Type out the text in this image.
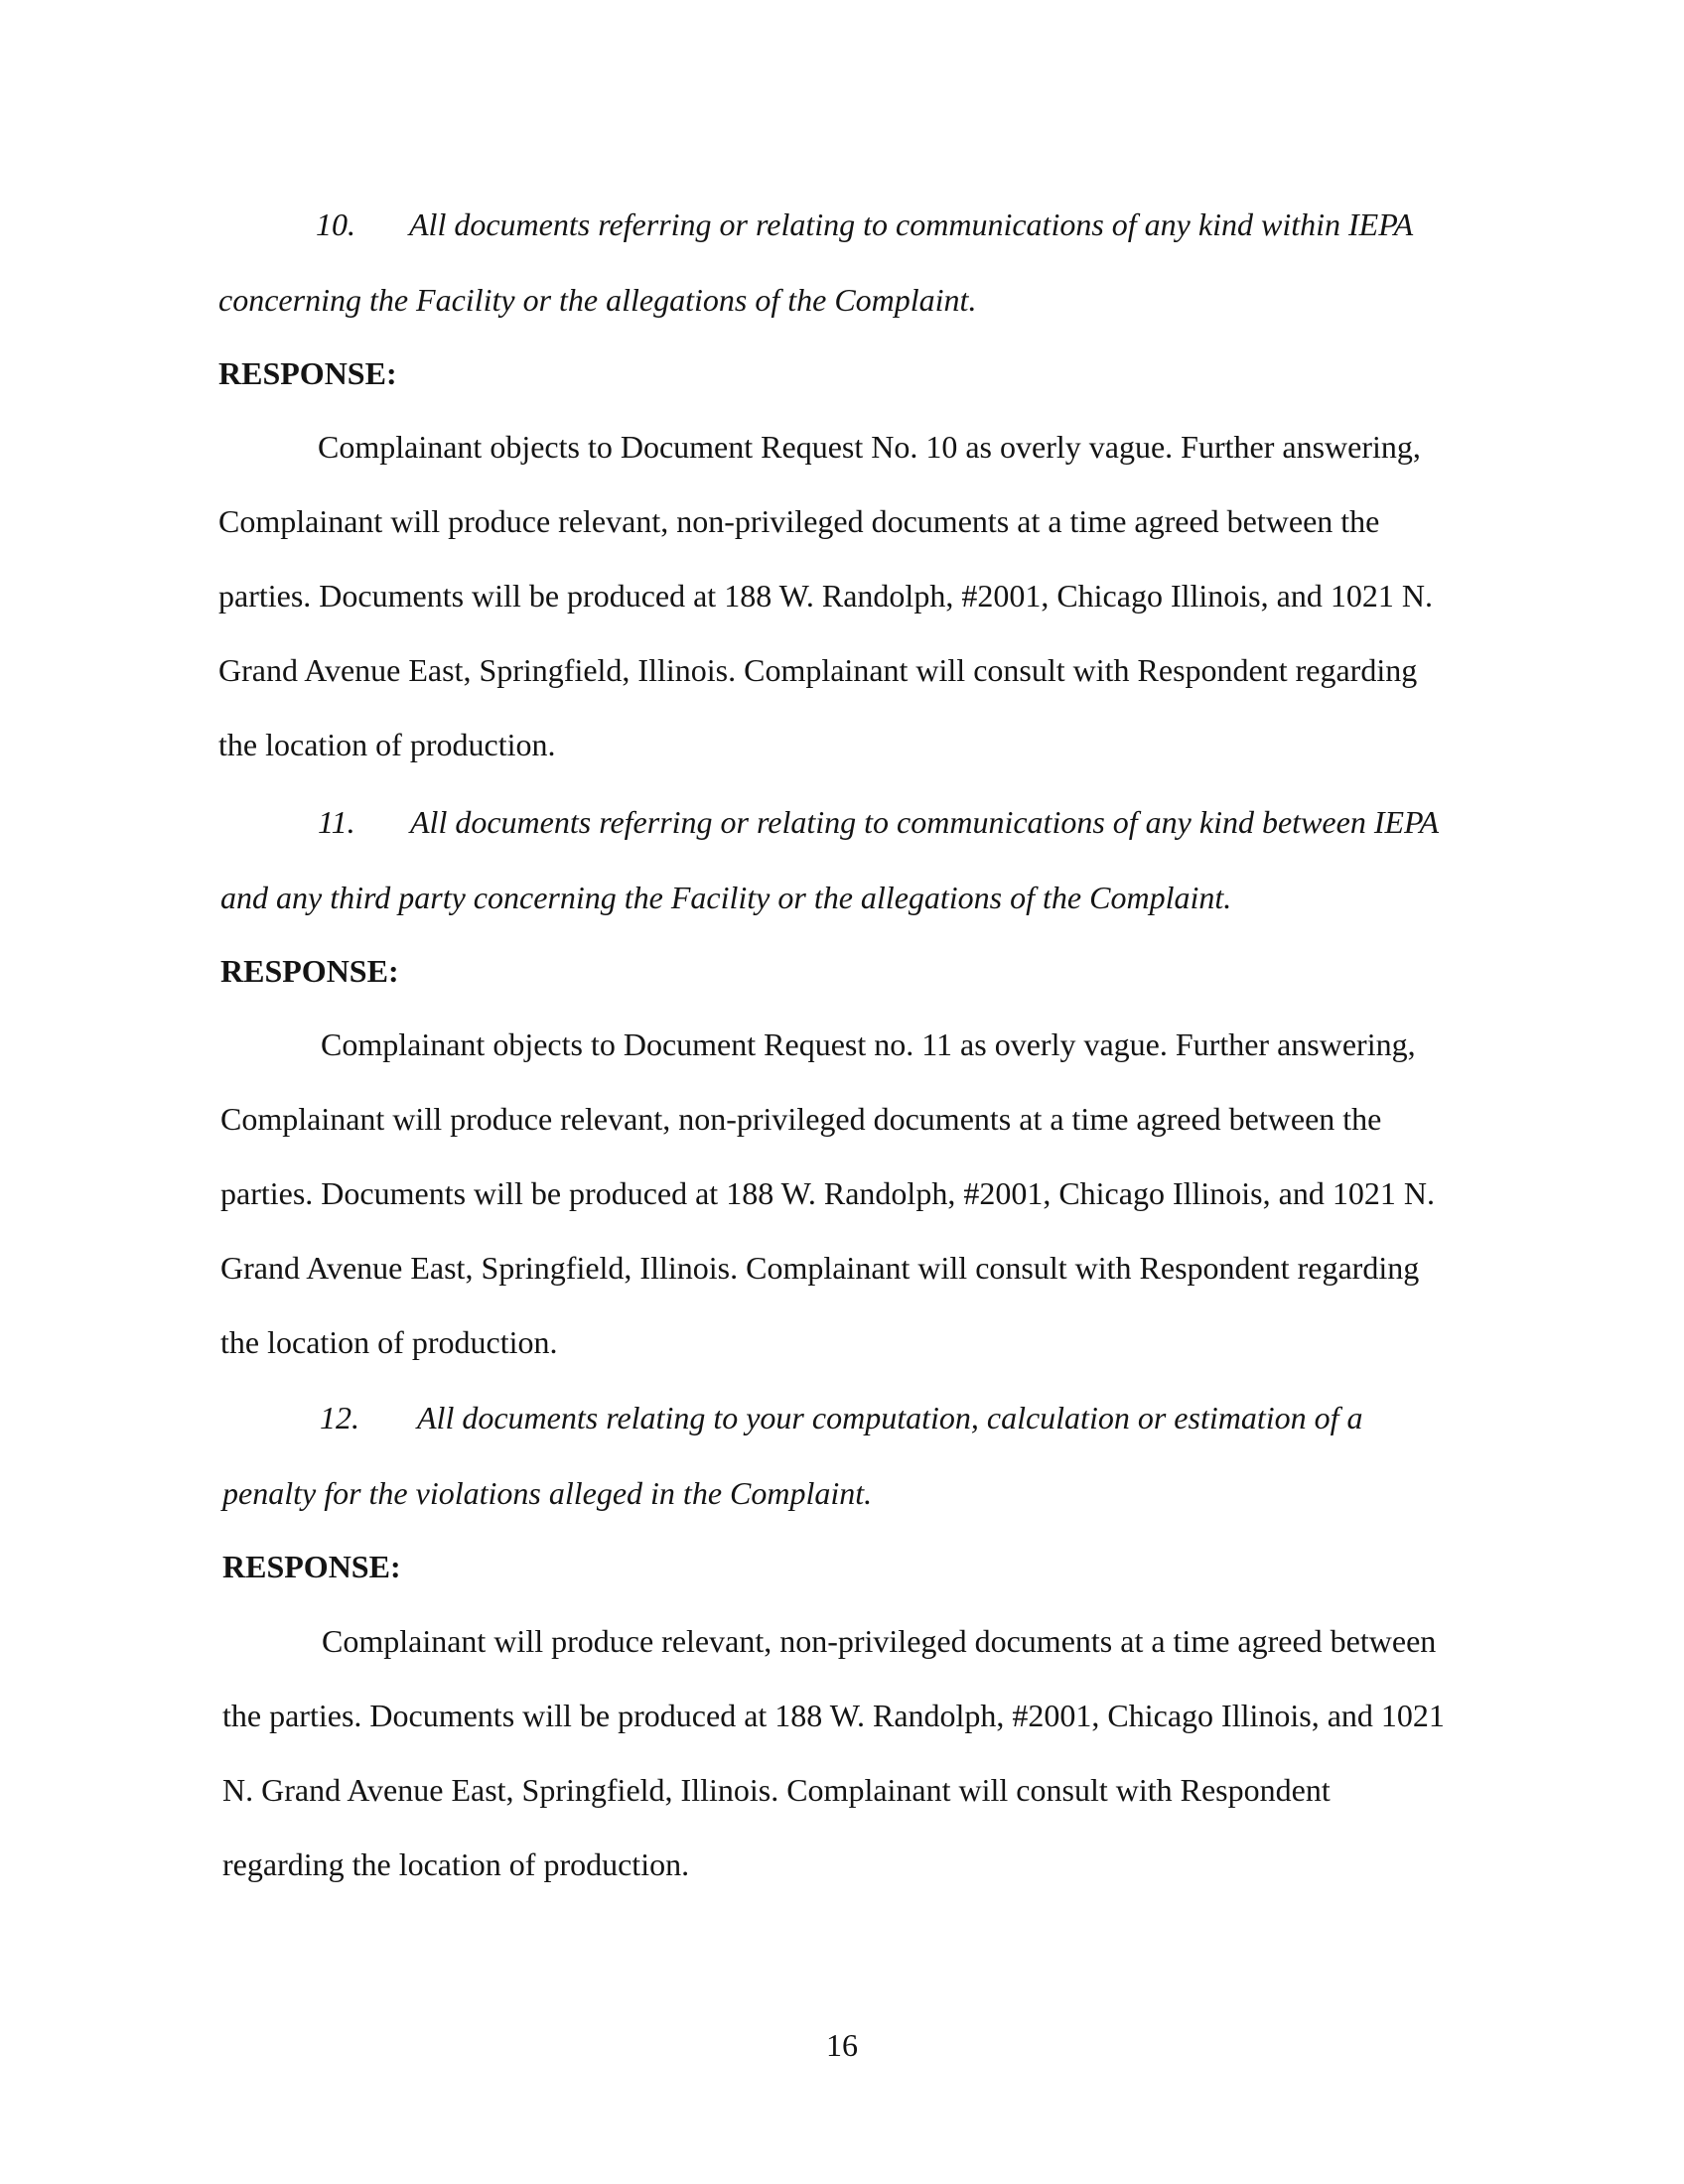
10. All documents referring or relating to communications of any kind within IEPA
concerning the Facility or the allegations of the Complaint.
RESPONSE:
Complainant objects to Document Request No. 10 as overly vague. Further answering,
Complainant will produce relevant, non-privileged documents at a time agreed between the
parties. Documents will be produced at 188 W. Randolph, #2001, Chicago Illinois, and 1021 N.
Grand Avenue East, Springfield, Illinois. Complainant will consult with Respondent regarding
the location of production.
11. All documents referring or relating to communications of any kind between IEPA
and any third party concerning the Facility or the allegations of the Complaint.
RESPONSE:
Complainant objects to Document Request no. 11 as overly vague. Further answering,
Complainant will produce relevant, non-privileged documents at a time agreed between the
parties. Documents will be produced at 188 W. Randolph, #2001, Chicago Illinois, and 1021 N.
Grand Avenue East, Springfield, Illinois. Complainant will consult with Respondent regarding
the location of production.
12. All documents relating to your computation, calculation or estimation of a
penalty for the violations alleged in the Complaint.
RESPONSE:
Complainant will produce relevant, non-privileged documents at a time agreed between
the parties. Documents will be produced at 188 W. Randolph, #2001, Chicago Illinois, and 1021
N. Grand Avenue East, Springfield, Illinois. Complainant will consult with Respondent
regarding the location of production.
16
